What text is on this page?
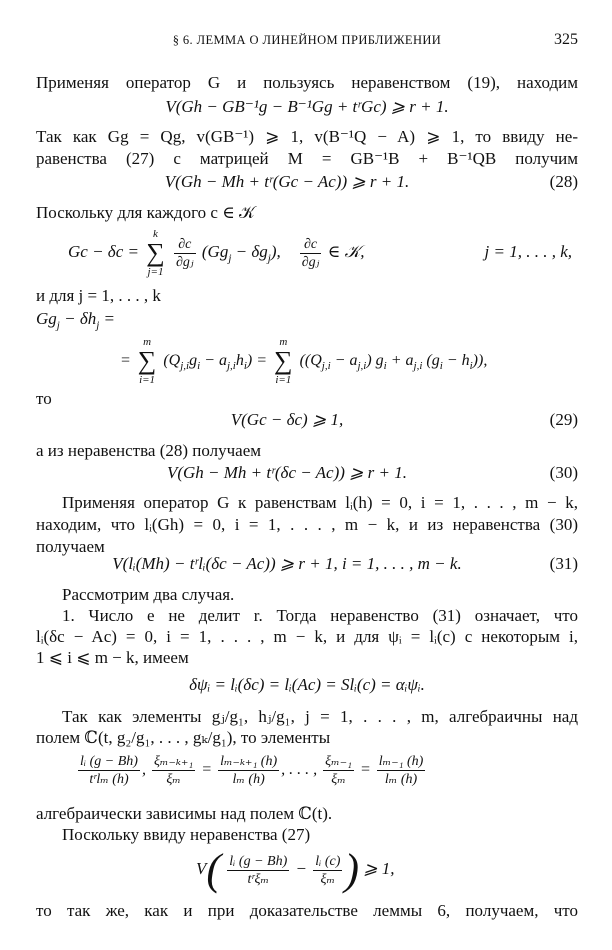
§ 6. ЛЕММА О ЛИНЕЙНОМ ПРИБЛИЖЕНИИ	325
Применяя оператор G и пользуясь неравенством (19), находим
V(Gh − GB⁻¹g − B⁻¹Gg + tʳGc) ⩾ r + 1.
Так как Gg = Qg, v(GB⁻¹) ⩾ 1, v(B⁻¹Q − A) ⩾ 1, то ввиду не-
равенства (27) с матрицей M = GB⁻¹B + B⁻¹QB получим
V(Gh − Mh + tʳ(Gc − Ac)) ⩾ r + 1.	(28)
Поскольку для каждого c ∈ 𝒦
Gc − δc =
k
∑
j=1

$\frac{\partial c}{\text{∂gⱼ}} (Gg_j - \delta g_j)$, $\frac{\partial c}{\text{∂gⱼ}}$ ∈ 𝒦,	j = 1, . . . , k,
и для j = 1, . . . , k
$Gg_j - \delta h_j$ =
=
m
∑
i=1
$(Q_{j,i}g_i - a_{j,i}h_i)$ =
m
∑
i=1
($(Q_{j,i} - a_{j,i}) g_i + a_{j,i}$ $(g_i - h_i)$),
то
V(Gc − δc) ⩾ 1,	(29)
а из неравенства (28) получаем
V(Gh − Mh + tʳ(δc − Ac)) ⩾ r + 1.	(30)
Применяя оператор G к равенствам lᵢ(h) = 0, i = 1, . . . , m − k,
находим, что lᵢ(Gh) = 0, i = 1, . . . , m − k, и из неравенства (30)
получаем
V(lᵢ(Mh) − tʳlᵢ(δc − Ac)) ⩾ r + 1, i = 1, . . . , m − k.	(31)
Рассмотрим два случая.
1. Число e не делит r. Тогда неравенство (31) означает, что
lᵢ(δc − Ac) = 0, i = 1, . . . , m − k, и для ψᵢ = lᵢ(c) с некоторым i,
1 ⩽ i ⩽ m − k, имеем
δψᵢ = lᵢ(δc) = lᵢ(Ac) = Slᵢ(c) = αᵢψᵢ.
Так как элементы gⱼ/g₁, hⱼ/g₁, j = 1, . . . , m, алгебраичны над
полем ℂ(t, g₂/g₁, . . . , gₖ/g₁), то элементы
$\frac{\text{lᵢ (g − Bh)}}{\text{tʳlₘ (h)}}$ , $\frac{\text{ξₘ₋ₖ₊₁}}{\text{ξₘ}} = \frac{\text{lₘ₋ₖ₊₁ (h)}}{\text{lₘ (h)}}$ , . . . , $\frac{\text{ξₘ₋₁}}{\text{ξₘ}} = \frac{\text{lₘ₋₁ (h)}}{\text{lₘ (h)}}$
алгебраически зависимы над полем ℂ(t).
Поскольку ввиду неравенства (27)
$V( \frac{\text{lᵢ (g − Bh)}}{\text{tʳξₘ}} - \frac{\text{lᵢ (c)}}{\text{ξₘ}}$ ) ⩾ 1,
то так же, как и при доказательстве леммы 6, получаем, что
